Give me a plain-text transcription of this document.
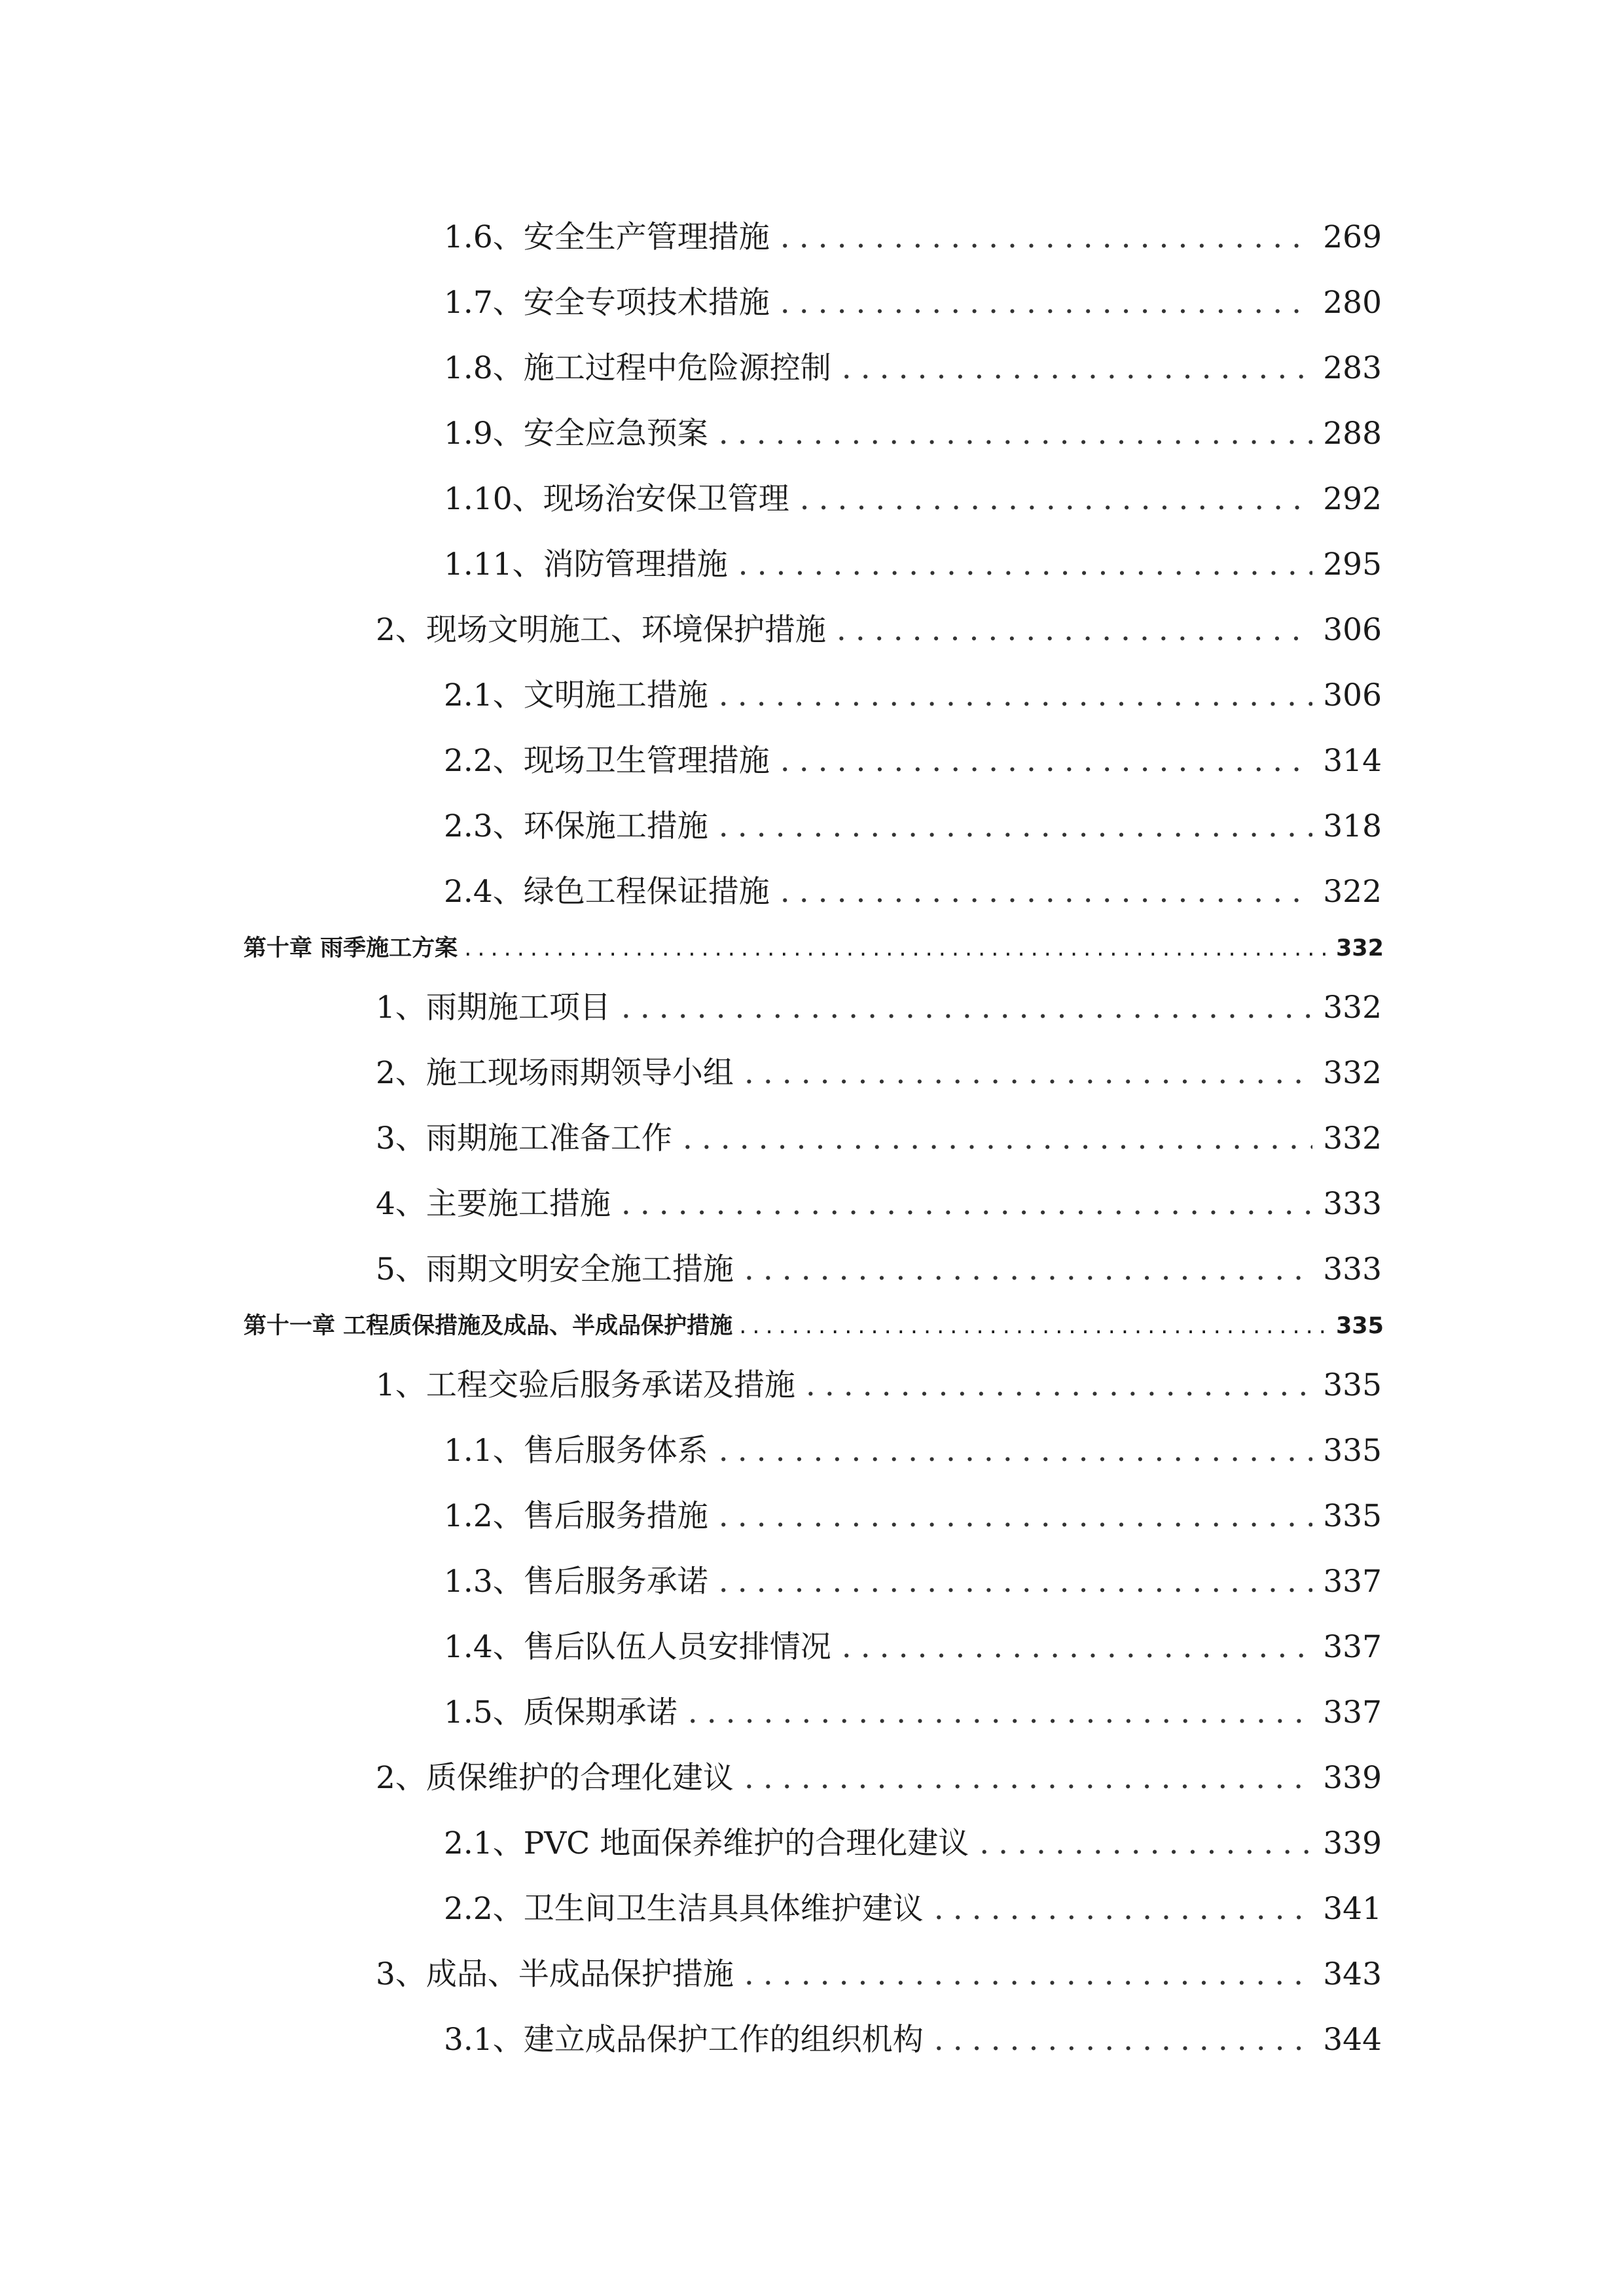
1.6、安全生产管理措施 .....	269
1.7、安全专项技术措施 .....	280
1.8、施工过程中危险源控制 .....	283
1.9、安全应急预案 .....	288
1.10、现场治安保卫管理 .....	292
1.11、消防管理措施 .....	295
2、现场文明施工、环境保护措施 .....	306
2.1、文明施工措施 .....	306
2.2、现场卫生管理措施 .....	314
2.3、环保施工措施 .....	318
2.4、绿色工程保证措施 .....	322
第十章 雨季施工方案 .....	332
1、雨期施工项目 .....	332
2、施工现场雨期领导小组 .....	332
3、雨期施工准备工作 .....	332
4、主要施工措施 .....	333
5、雨期文明安全施工措施 .....	333
第十一章 工程质保措施及成品、半成品保护措施 .....	335
1、工程交验后服务承诺及措施 .....	335
1.1、售后服务体系 .....	335
1.2、售后服务措施 .....	335
1.3、售后服务承诺 .....	337
1.4、售后队伍人员安排情况 .....	337
1.5、质保期承诺 .....	337
2、质保维护的合理化建议 .....	339
2.1、PVC 地面保养维护的合理化建议 .....	339
2.2、卫生间卫生洁具具体维护建议 .....	341
3、成品、半成品保护措施 .....	343
3.1、建立成品保护工作的组织机构 .....	344
